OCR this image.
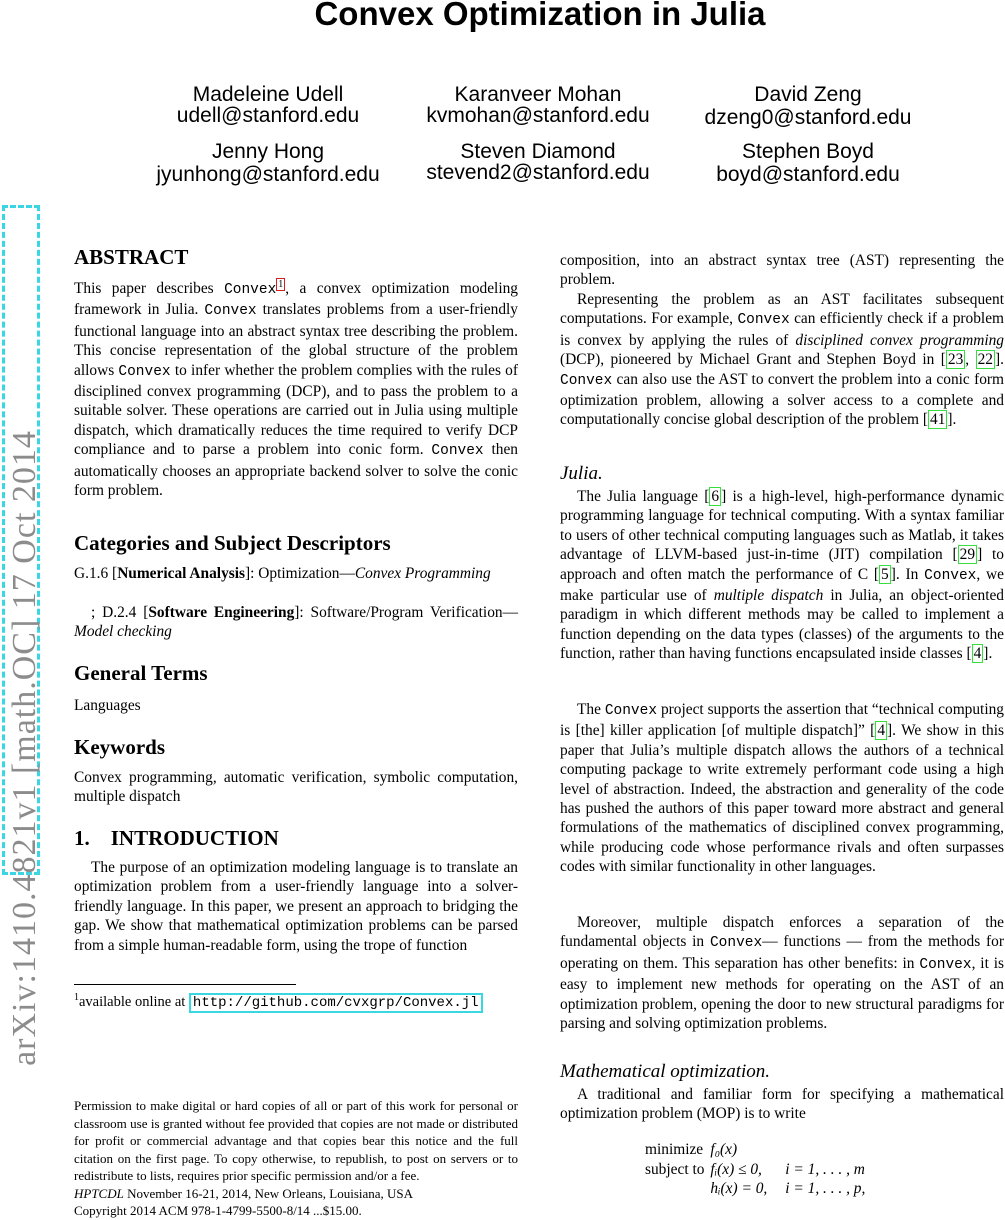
Convex Optimization in Julia
Madeleine Udell
udell@stanford.edu
Karanveer Mohan
kvmohan@stanford.edu
David Zeng
dzeng0@stanford.edu
Jenny Hong
jyunhong@stanford.edu
Steven Diamond
stevend2@stanford.edu
Stephen Boyd
boyd@stanford.edu
arXiv:1410.4821v1 [math.OC] 17 Oct 2014
ABSTRACT

This paper describes Convex $^1$ , a convex optimization modeling framework in Julia. Convex translates problems from a user-friendly functional language into an abstract syntax tree describing the problem. This concise representation of the global structure of the problem allows Convex to infer whether the problem complies with the rules of disciplined convex programming (DCP), and to pass the problem to a suitable solver. These operations are carried out in Julia using multiple dispatch, which dramatically reduces the time required to verify DCP compliance and to parse a problem into conic form. Convex then automatically chooses an appropriate backend solver to solve the conic form problem.

Categories and Subject Descriptors

G.1.6 [Numerical Analysis]: Optimization—Convex Programming

; D.2.4 [Software Engineering]: Software/Program Verification—Model checking

General Terms

Languages

Keywords

Convex programming, automatic verification, symbolic computation, multiple dispatch

1.    INTRODUCTION

The purpose of an optimization modeling language is to translate an optimization problem from a user-friendly language into a solver-friendly language. In this paper, we present an approach to bridging the gap. We show that mathematical optimization problems can be parsed from a simple human-readable form, using the trope of function

$^1$available online at http://github.com/cvxgrp/Convex.jl

Permission to make digital or hard copies of all or part of this work for personal or classroom use is granted without fee provided that copies are not made or distributed for profit or commercial advantage and that copies bear this notice and the full citation on the first page. To copy otherwise, to republish, to post on servers or to redistribute to lists, requires prior specific permission and/or a fee.
HPTCDL November 16-21, 2014, New Orleans, Louisiana, USA
Copyright 2014 ACM 978-1-4799-5500-8/14 ...$15.00.

composition, into an abstract syntax tree (AST) representing the problem.

Representing the problem as an AST facilitates subsequent computations. For example, Convex can efficiently check if a problem is convex by applying the rules of disciplined convex programming (DCP), pioneered by Michael Grant and Stephen Boyd in [ 23 , 22 ]. Convex can also use the AST to convert the problem into a conic form optimization problem, allowing a solver access to a complete and computationally concise global description of the problem [ 41 ].

Julia.

The Julia language [ 6 ] is a high-level, high-performance dynamic programming language for technical computing. With a syntax familiar to users of other technical computing languages such as Matlab, it takes advantage of LLVM-based just-in-time (JIT) compilation [ 29 ] to approach and often match the performance of C [ 5 ]. In Convex, we make particular use of multiple dispatch in Julia, an object-oriented paradigm in which different methods may be called to implement a function depending on the data types (classes) of the arguments to the function, rather than having functions encapsulated inside classes [ 4 ].

The Convex project supports the assertion that “technical computing is [the] killer application [of multiple dispatch]” [ 4 ]. We show in this paper that Julia’s multiple dispatch allows the authors of a technical computing package to write extremely performant code using a high level of abstraction. Indeed, the abstraction and generality of the code has pushed the authors of this paper toward more abstract and general formulations of the mathematics of disciplined convex programming, while producing code whose performance rivals and often surpasses codes with similar functionality in other languages.

Moreover, multiple dispatch enforces a separation of the fundamental objects in Convex— functions — from the methods for operating on them. This separation has other benefits: in Convex, it is easy to implement new methods for operating on the AST of an optimization problem, opening the door to new structural paradigms for parsing and solving optimization problems.

Mathematical optimization.

A traditional and familiar form for specifying a mathematical optimization problem (MOP) is to write

minimize	f₀(x)	
subject to	fᵢ(x) ≤ 0,	i = 1, . . . , m
	hᵢ(x) = 0,	i = 1, . . . , p,
